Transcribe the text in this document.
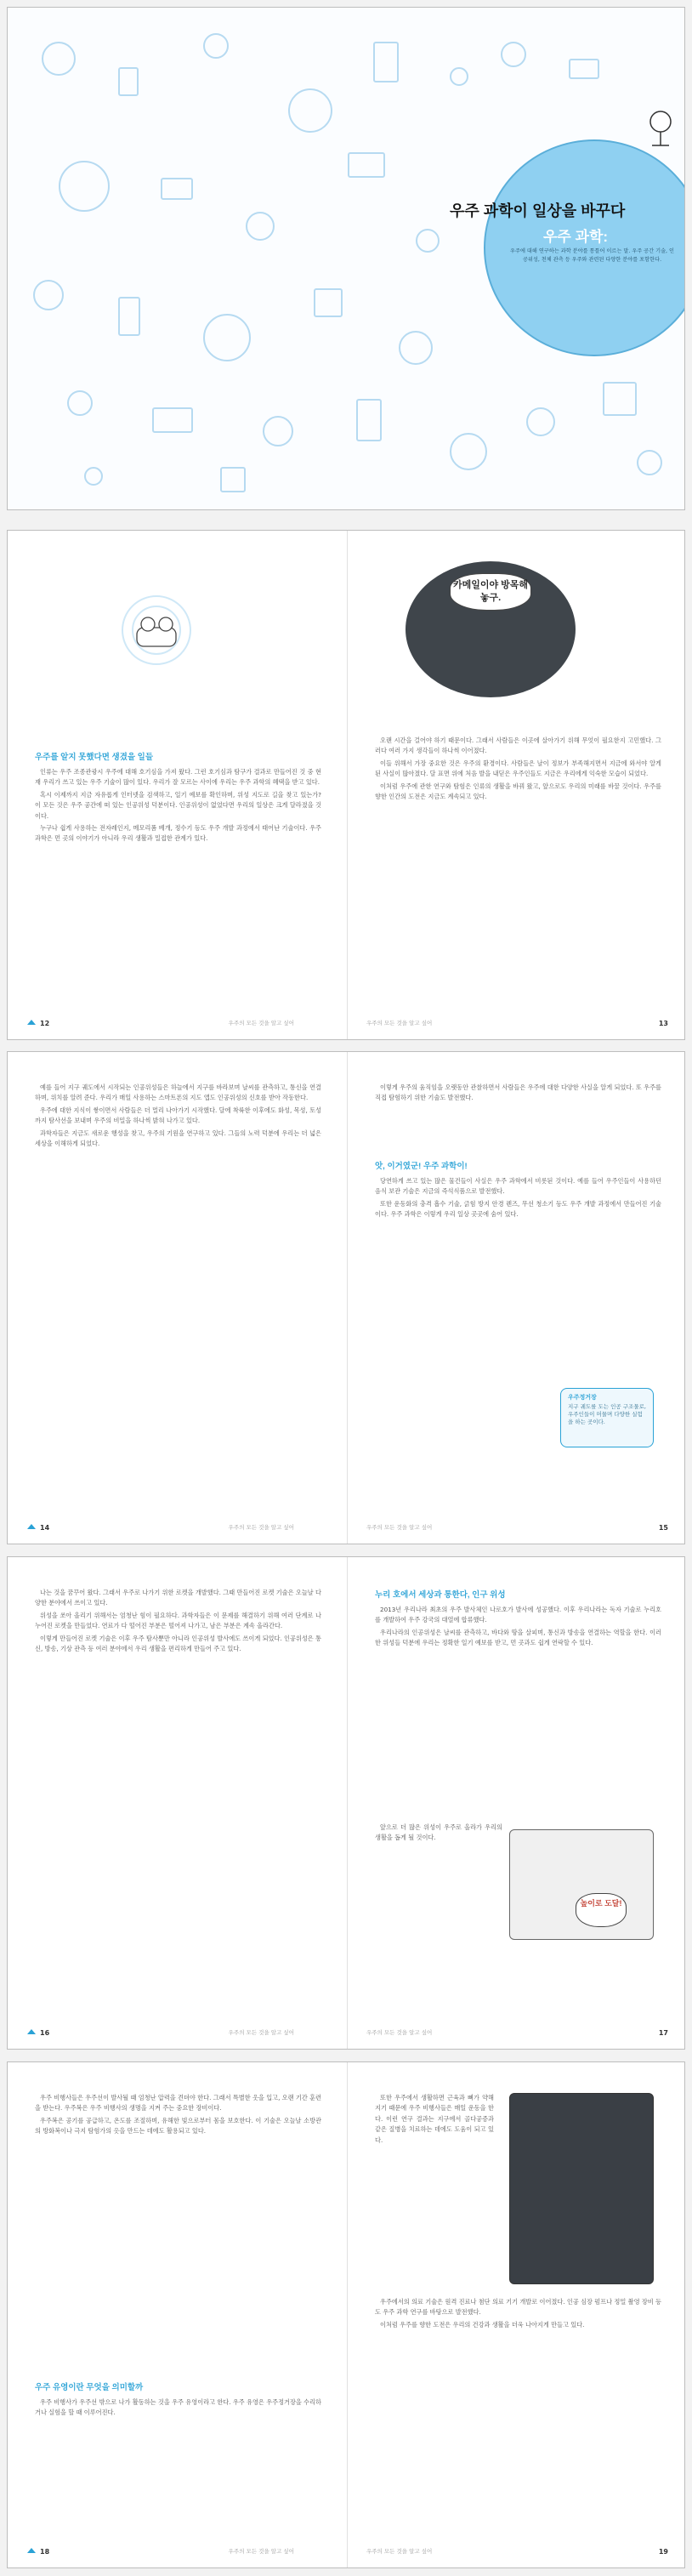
우주 과학이 일상을 바꾸다
우주 과학:
우주에 대해 연구하는 과학 분야를 통틀어 이르는 말. 우주 공간 기술, 인공위성, 천체 관측 등 우주와 관련된 다양한 분야를 포함한다.
우주를 알지 못했다면 생겼을 일들

인류는 우주 조종관광시 우주에 대해 호기심을 가져 왔다. 그런 호기심과 탐구가 결과로 만들어진 것 중 현재 우리가 쓰고 있는 우주 기술이 많이 있다. 우리가 잘 모르는 사이에 우리는 우주 과학의 혜택을 받고 있다.

혹시 이제까지 지금 자유롭게 인터넷을 검색하고, 일기 예보를 확인하며, 위성 지도로 길을 찾고 있는가? 이 모든 것은 우주 공간에 떠 있는 인공위성 덕분이다. 인공위성이 없었다면 우리의 일상은 크게 달라졌을 것이다.

누구나 쉽게 사용하는 전자레인지, 메모리폼 베개, 정수기 등도 우주 개발 과정에서 태어난 기술이다. 우주 과학은 먼 곳의 이야기가 아니라 우리 생활과 밀접한 관계가 있다.

12	우주의 모든 것을 알고 싶어
카메일이야 방목해놓구.

오랜 시간을 걸어야 하기 때문이다. 그래서 사람들은 이곳에 살아가기 위해 무엇이 필요한지 고민했다. 그러다 여러 가지 생각들이 하나씩 이어졌다.

이들 위해서 가장 중요한 것은 우주의 환경이다. 사람들은 날이 정보가 부족해지면서 지금에 와서야 알게 된 사실이 많아졌다. 달 표면 위에 처음 발을 내딛은 우주인들도 지금은 우리에게 익숙한 모습이 되었다.

이처럼 우주에 관한 연구와 탐험은 인류의 생활을 바꿔 왔고, 앞으로도 우리의 미래를 바꿀 것이다. 우주를 향한 인간의 도전은 지금도 계속되고 있다.

우주의 모든 것을 알고 싶어	13

예를 들어 지구 궤도에서 시작되는 인공위성들은 하늘에서 지구를 바라보며 날씨를 관측하고, 통신을 연결하며, 위치를 알려 준다. 우리가 매일 사용하는 스마트폰의 지도 앱도 인공위성의 신호를 받아 작동한다.

우주에 대한 지식이 쌓이면서 사람들은 더 멀리 나아가기 시작했다. 달에 착륙한 이후에도 화성, 목성, 토성까지 탐사선을 보내며 우주의 비밀을 하나씩 밝혀 나가고 있다.

과학자들은 지금도 새로운 행성을 찾고, 우주의 기원을 연구하고 있다. 그들의 노력 덕분에 우리는 더 넓은 세상을 이해하게 되었다.

14	우주의 모든 것을 알고 싶어

이렇게 우주의 움직임을 오랫동안 관찰하면서 사람들은 우주에 대한 다양한 사실을 알게 되었다. 또 우주를 직접 탐험하기 위한 기술도 발전했다.

앗, 이거였군! 우주 과학이!

당연하게 쓰고 있는 많은 물건들이 사실은 우주 과학에서 비롯된 것이다. 예를 들어 우주인들이 사용하던 음식 보관 기술은 지금의 즉석식품으로 발전했다.

또한 운동화의 충격 흡수 기술, 긁힘 방지 안경 렌즈, 무선 청소기 등도 우주 개발 과정에서 만들어진 기술이다. 우주 과학은 이렇게 우리 일상 곳곳에 숨어 있다.

우주정거장
지구 궤도를 도는 인공 구조물로, 우주인들이 머물며 다양한 실험을 하는 곳이다.
우주의 모든 것을 알고 싶어	15

나는 것을 꿈꾸어 왔다. 그래서 우주로 나가기 위한 로켓을 개발했다. 그때 만들어진 로켓 기술은 오늘날 다양한 분야에서 쓰이고 있다.

위성을 쏘아 올리기 위해서는 엄청난 힘이 필요하다. 과학자들은 이 문제를 해결하기 위해 여러 단계로 나누어진 로켓을 만들었다. 연료가 다 떨어진 부분은 떨어져 나가고, 남은 부분은 계속 올라간다.

이렇게 만들어진 로켓 기술은 이후 우주 탐사뿐만 아니라 인공위성 발사에도 쓰이게 되었다. 인공위성은 통신, 방송, 기상 관측 등 여러 분야에서 우리 생활을 편리하게 만들어 주고 있다.

16	우주의 모든 것을 알고 싶어
누리 호에서 세상과 통한다, 인구 위성

2013년 우리나라 최초의 우주 발사체인 나로호가 발사에 성공했다. 이후 우리나라는 독자 기술로 누리호를 개발하여 우주 강국의 대열에 합류했다.

우리나라의 인공위성은 날씨를 관측하고, 바다와 땅을 살피며, 통신과 방송을 연결하는 역할을 한다. 이러한 위성들 덕분에 우리는 정확한 일기 예보를 받고, 먼 곳과도 쉽게 연락할 수 있다.

앞으로 더 많은 위성이 우주로 올라가 우리의 생활을 돕게 될 것이다.

높이로 도달!
우주의 모든 것을 알고 싶어	17

우주 비행사들은 우주선이 발사될 때 엄청난 압력을 견뎌야 한다. 그래서 특별한 옷을 입고, 오랜 기간 훈련을 받는다. 우주복은 우주 비행사의 생명을 지켜 주는 중요한 장비이다.

우주복은 공기를 공급하고, 온도를 조절하며, 유해한 빛으로부터 몸을 보호한다. 이 기술은 오늘날 소방관의 방화복이나 극지 탐험가의 옷을 만드는 데에도 활용되고 있다.

우주 유영이란 무엇을 의미할까

우주 비행사가 우주선 밖으로 나가 활동하는 것을 우주 유영이라고 한다. 우주 유영은 우주정거장을 수리하거나 실험을 할 때 이루어진다.

18	우주의 모든 것을 알고 싶어

또한 우주에서 생활하면 근육과 뼈가 약해지기 때문에 우주 비행사들은 매일 운동을 한다. 이런 연구 결과는 지구에서 골다공증과 같은 질병을 치료하는 데에도 도움이 되고 있다.

우주에서의 의료 기술은 원격 진료나 첨단 의료 기기 개발로 이어졌다. 인공 심장 펌프나 정밀 촬영 장비 등도 우주 과학 연구를 바탕으로 발전했다.

이처럼 우주를 향한 도전은 우리의 건강과 생활을 더욱 나아지게 만들고 있다.

우주의 모든 것을 알고 싶어	19
